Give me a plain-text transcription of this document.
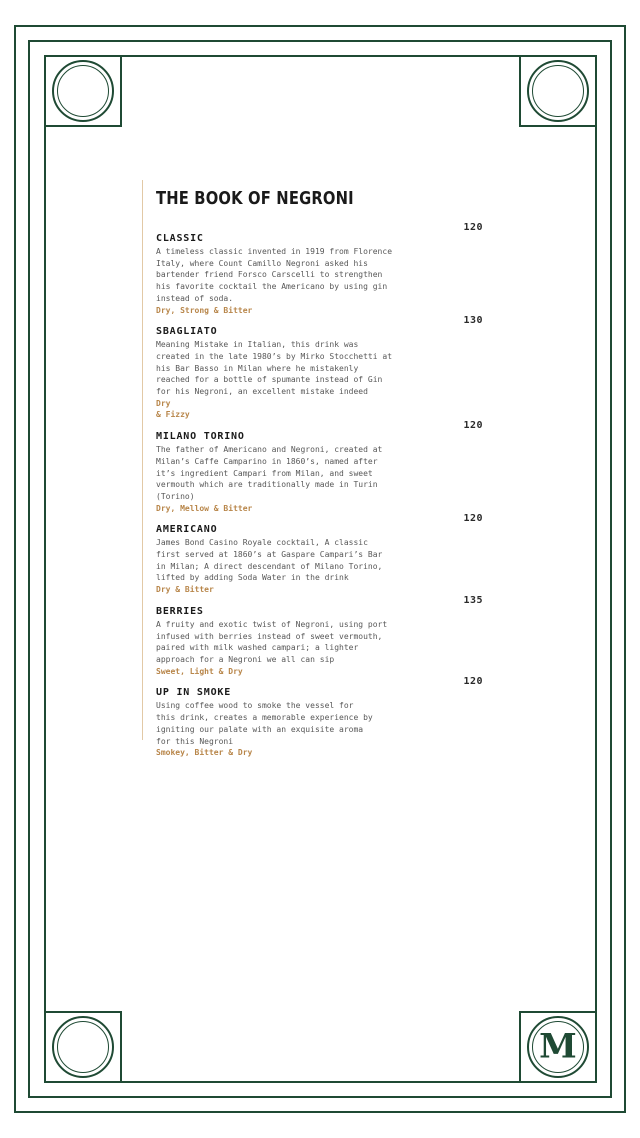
M
THE BOOK OF NEGRONI
120
CLASSIC
A timeless classic invented in 1919 from Florence
Italy, where Count Camillo Negroni asked his
bartender friend Forsco Carscelli to strengthen
his favorite cocktail the Americano by using gin
instead of soda.
Dry, Strong & Bitter
130
SBAGLIATO
Meaning Mistake in Italian, this drink was
created in the late 1980’s by Mirko Stocchetti at
his Bar Basso in Milan where he mistakenly
reached for a bottle of spumante instead of Gin
for his Negroni, an excellent mistake indeed
Dry
& Fizzy
120
MILANO TORINO
The father of Americano and Negroni, created at
Milan’s Caffe Camparino in 1860’s, named after
it’s ingredient Campari from Milan, and sweet
vermouth which are traditionally made in Turin
(Torino)
Dry, Mellow & Bitter
120
AMERICANO
James Bond Casino Royale cocktail, A classic
first served at 1860’s at Gaspare Campari’s Bar
in Milan; A direct descendant of Milano Torino,
lifted by adding Soda Water in the drink
Dry & Bitter
135
BERRIES
A fruity and exotic twist of Negroni, using port
infused with berries instead of sweet vermouth,
paired with milk washed campari; a lighter
approach for a Negroni we all can sip
Sweet, Light & Dry
120
UP IN SMOKE
Using coffee wood to smoke the vessel for
this drink, creates a memorable experience by
igniting our palate with an exquisite aroma
for this Negroni
Smokey, Bitter & Dry
